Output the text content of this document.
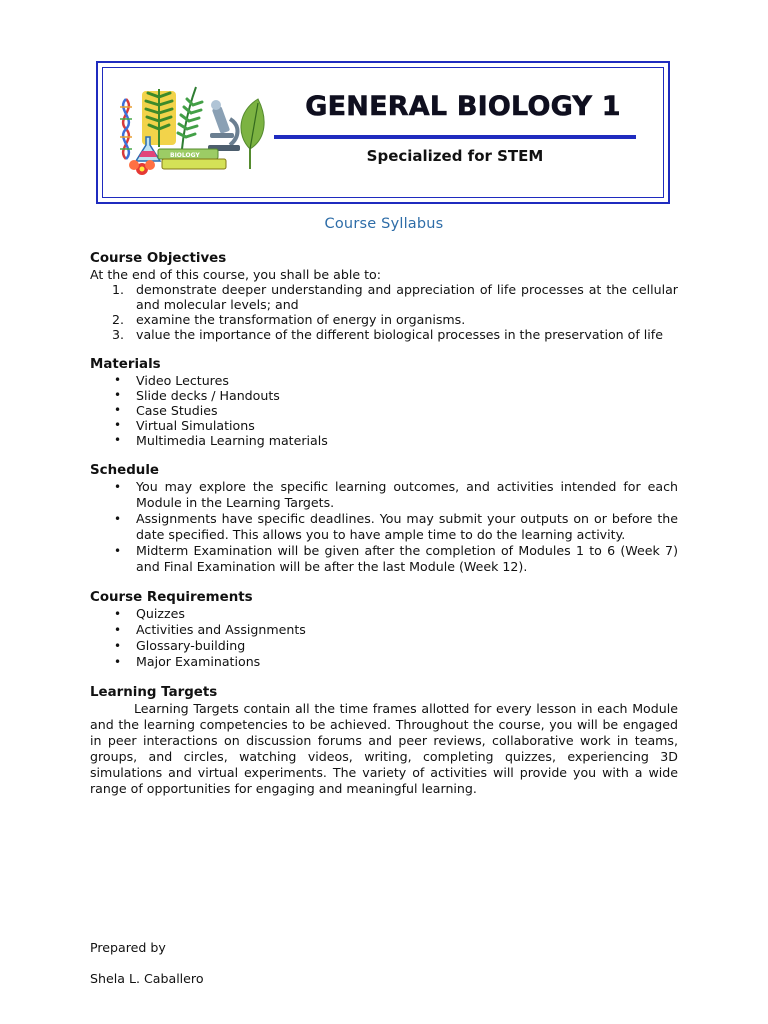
BIOLOGY
GENERAL BIOLOGY 1
Specialized for STEM
Course Syllabus

Course Objectives

At the end of this course, you shall be able to:

1. demonstrate deeper understanding and appreciation of life processes at the cellular and molecular levels; and
2. examine the transformation of energy in organisms.
3. value the importance of the different biological processes in the preservation of life

Materials

• Video Lectures
• Slide decks / Handouts
• Case Studies
• Virtual Simulations
• Multimedia Learning materials

Schedule

• You may explore the specific learning outcomes, and activities intended for each Module in the Learning Targets.
• Assignments have specific deadlines. You may submit your outputs on or before the date specified. This allows you to have ample time to do the learning activity.
• Midterm Examination will be given after the completion of Modules 1 to 6 (Week 7) and Final Examination will be after the last Module (Week 12).

Course Requirements

• Quizzes
• Activities and Assignments
• Glossary-building
• Major Examinations

Learning Targets

Learning Targets contain all the time frames allotted for every lesson in each Module and the learning competencies to be achieved. Throughout the course, you will be engaged in peer interactions on discussion forums and peer reviews, collaborative work in teams, groups, and circles, watching videos, writing, completing quizzes, experiencing 3D simulations and virtual experiments. The variety of activities will provide you with a wide range of opportunities for engaging and meaningful learning.

Prepared by
Shela L. Caballero
